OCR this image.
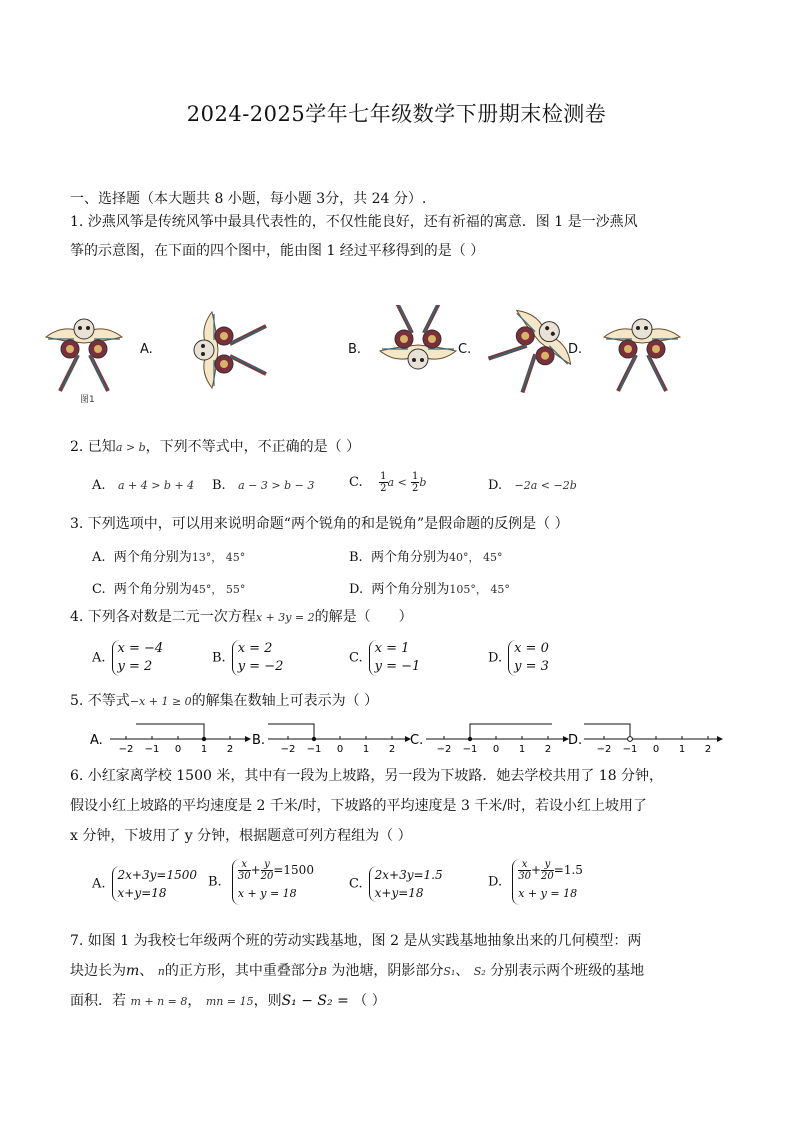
2024-2025学年七年级数学下册期末检测卷
一、选择题（本大题共 8 小题，每小题 3分，共 24 分）.
1. 沙燕风筝是传统风筝中最具代表性的，不仅性能良好，还有祈福的寓意．图 1 是一沙燕风
筝的示意图，在下面的四个图中，能由图 1 经过平移得到的是（ ）
图1
A.	B.	C.	D.
2. 已知a > b，下列不等式中，不正确的是（ ）
A. a + 4 > b + 4 B. a − 3 > b − 3	C. $\frac{1}{2}$ $a < \frac{1}{2}$ b	D. −2a < −2b
3. 下列选项中，可以用来说明命题“两个锐角的和是锐角”是假命题的反例是（ ）
A. 两个角分别为13°， 45°	B. 两个角分别为40°， 45°
C. 两个角分别为45°， 55°	D. 两个角分别为105°， 45°
4. 下列各对数是二元一次方程x + 3y = 2的解是（　　）
A.x = −4
y = 2
B.x = 2
y = −2
C.x = 1
y = −1
D.x = 0
y = 3
5. 不等式−x + 1 ≥ 0的解集在数轴上可表示为（ ）
A.
−2 −1 0 1 2
B.
−2 −1 0 1 2
C.
−2 −1 0 1 2
D.
−2 −1 0 1 2
6. 小红家离学校 1500 米，其中有一段为上坡路，另一段为下坡路．她去学校共用了 18 分钟，
假设小红上坡路的平均速度是 2 千米/时，下坡路的平均速度是 3 千米/时，若设小红上坡用了
x 分钟，下坡用了 y 分钟，根据题意可列方程组为（ ）
A.2x+3y=1500
x+y=18
B. $\frac{x}{30} + \frac{y}{20} =1500$
x + y = 18
C.2x+3y=1.5
x+y=18
D. $\frac{x}{30} + \frac{y}{20} =1.5$
x + y = 18
7. 如图 1 为我校七年级两个班的劳动实践基地，图 2 是从实践基地抽象出来的几何模型：两
块边长为m、 n的正方形，其中重叠部分B 为池塘，阴影部分S₁、 S₂ 分别表示两个班级的基地
面积．若 m + n = 8， mn = 15，则S₁ − S₂ = （ ）
